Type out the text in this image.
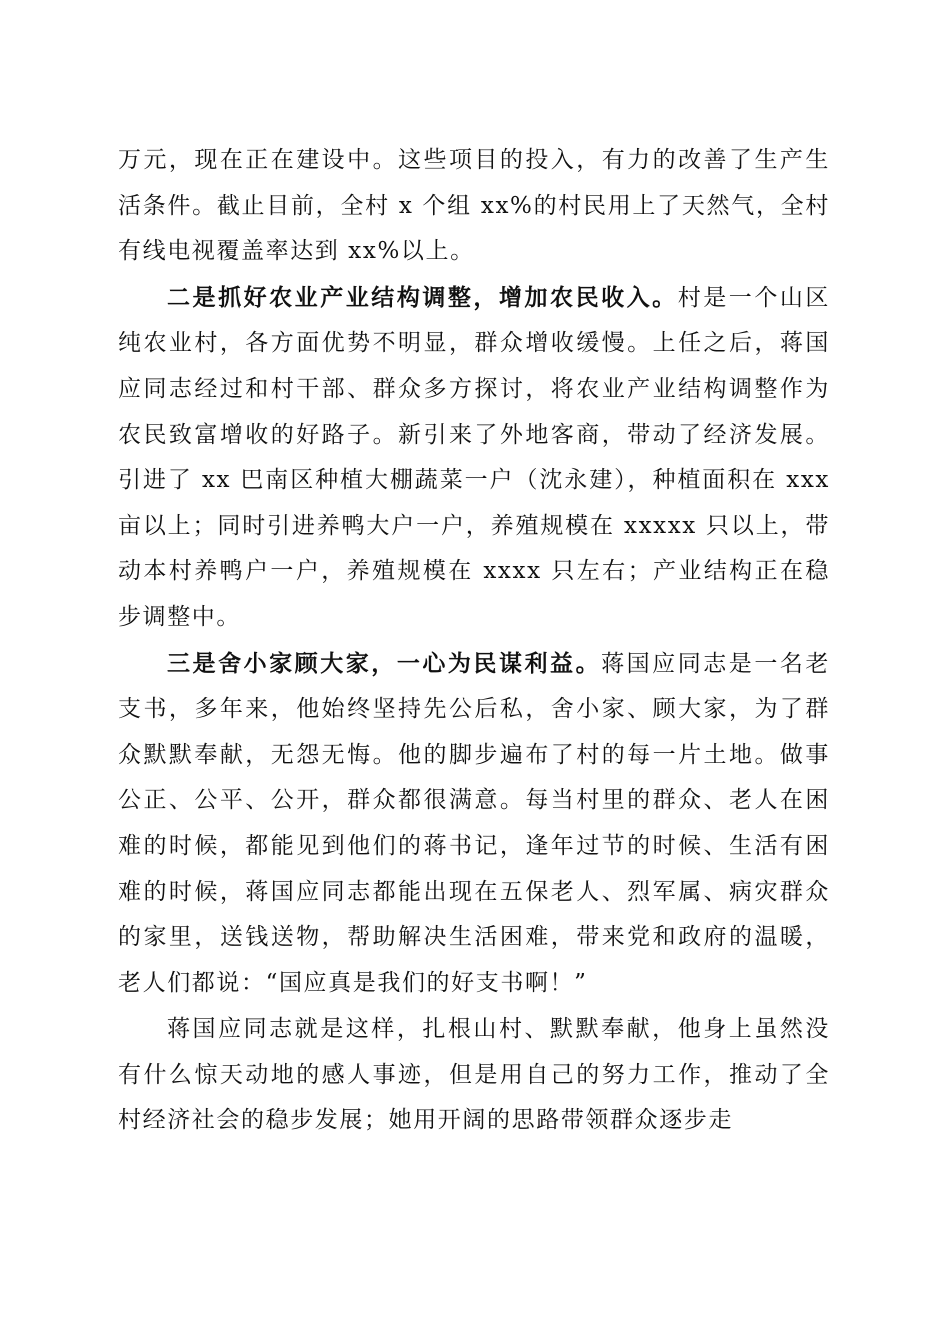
万元，现在正在建设中。这些项目的投入，有力的改善了生产生活条件。截止目前，全村 x 个组 xx%的村民用上了天然气，全村有线电视覆盖率达到 xx%以上。

二是抓好农业产业结构调整，增加农民收入。村是一个山区纯农业村，各方面优势不明显，群众增收缓慢。上任之后，蒋国应同志经过和村干部、群众多方探讨，将农业产业结构调整作为农民致富增收的好路子。新引来了外地客商，带动了经济发展。引进了 xx 巴南区种植大棚蔬菜一户（沈永建），种植面积在 xxx 亩以上；同时引进养鸭大户一户，养殖规模在 xxxxx 只以上，带动本村养鸭户一户，养殖规模在 xxxx 只左右；产业结构正在稳步调整中。

三是舍小家顾大家，一心为民谋利益。蒋国应同志是一名老支书，多年来，他始终坚持先公后私，舍小家、顾大家，为了群众默默奉献，无怨无悔。他的脚步遍布了村的每一片土地。做事公正、公平、公开，群众都很满意。每当村里的群众、老人在困难的时候，都能见到他们的蒋书记，逢年过节的时候、生活有困难的时候，蒋国应同志都能出现在五保老人、烈军属、病灾群众的家里，送钱送物，帮助解决生活困难，带来党和政府的温暖，老人们都说：“国应真是我们的好支书啊！”

蒋国应同志就是这样，扎根山村、默默奉献，他身上虽然没有什么惊天动地的感人事迹，但是用自己的努力工作，推动了全村经济社会的稳步发展；她用开阔的思路带领群众逐步走
